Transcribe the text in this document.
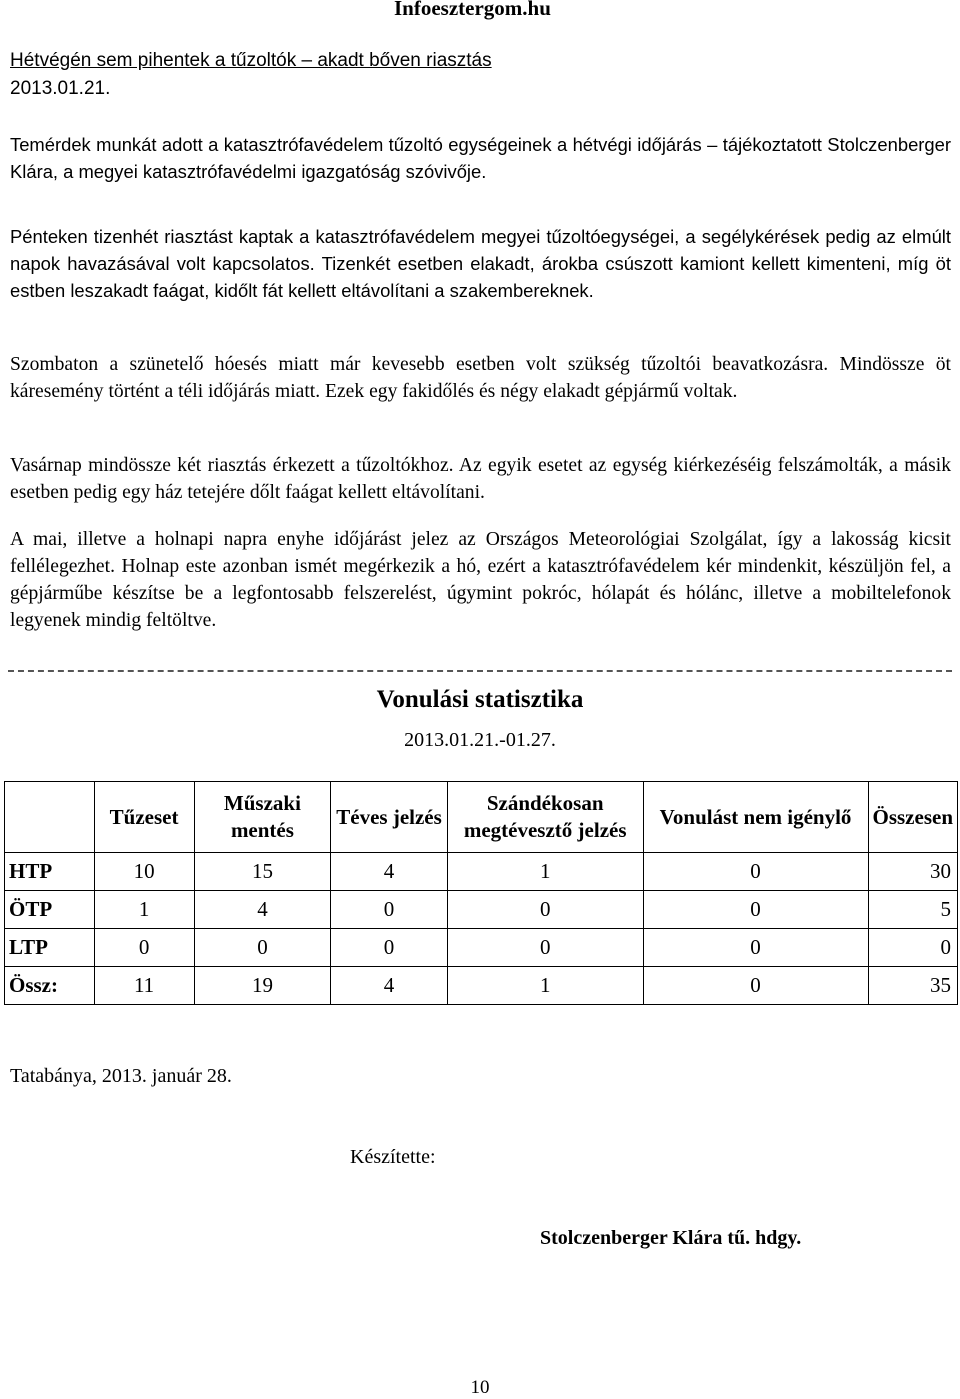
Infoesztergom.hu
Hétvégén sem pihentek a tűzoltók – akadt bőven riasztás
2013.01.21.

Temérdek munkát adott a katasztrófavédelem tűzoltó egységeinek a hétvégi időjárás – tájékoztatott Stolczenberger Klára, a megyei katasztrófavédelmi igazgatóság szóvivője.

Pénteken tizenhét riasztást kaptak a katasztrófavédelem megyei tűzoltóegységei, a segélykérések pedig az elmúlt napok havazásával volt kapcsolatos. Tizenkét esetben elakadt, árokba csúszott kamiont kellett kimenteni, míg öt estben leszakadt faágat, kidőlt fát kellett eltávolítani a szakembereknek.

Szombaton a szünetelő hóesés miatt már kevesebb esetben volt szükség tűzoltói beavatkozásra. Mindössze öt káresemény történt a téli időjárás miatt. Ezek egy fakidőlés és négy elakadt gépjármű voltak.

Vasárnap mindössze két riasztás érkezett a tűzoltókhoz. Az egyik esetet az egység kiérkezéséig felszámolták, a másik esetben pedig egy ház tetejére dőlt faágat kellett eltávolítani.

A mai, illetve a holnapi napra enyhe időjárást jelez az Országos Meteorológiai Szolgálat, így a lakosság kicsit fellélegezhet. Holnap este azonban ismét megérkezik a hó, ezért a katasztrófavédelem kér mindenkit, készüljön fel, a gépjárműbe készítse be a legfontosabb felszerelést, úgymint pokróc, hólapát és hólánc, illetve a mobiltelefonok legyenek mindig feltöltve.

Vonulási statisztika
2013.01.21.-01.27.
	Tűzeset	Műszaki mentés	Téves jelzés	Szándékosan megtévesztő jelzés	Vonulást nem igénylő	Összesen
HTP	10	15	4	1	0	30
ÖTP	1	4	0	0	0	5
LTP	0	0	0	0	0	0
Össz:	11	19	4	1	0	35
Tatabánya, 2013. január 28.
Készítette:
Stolczenberger Klára tű. hdgy.
10
